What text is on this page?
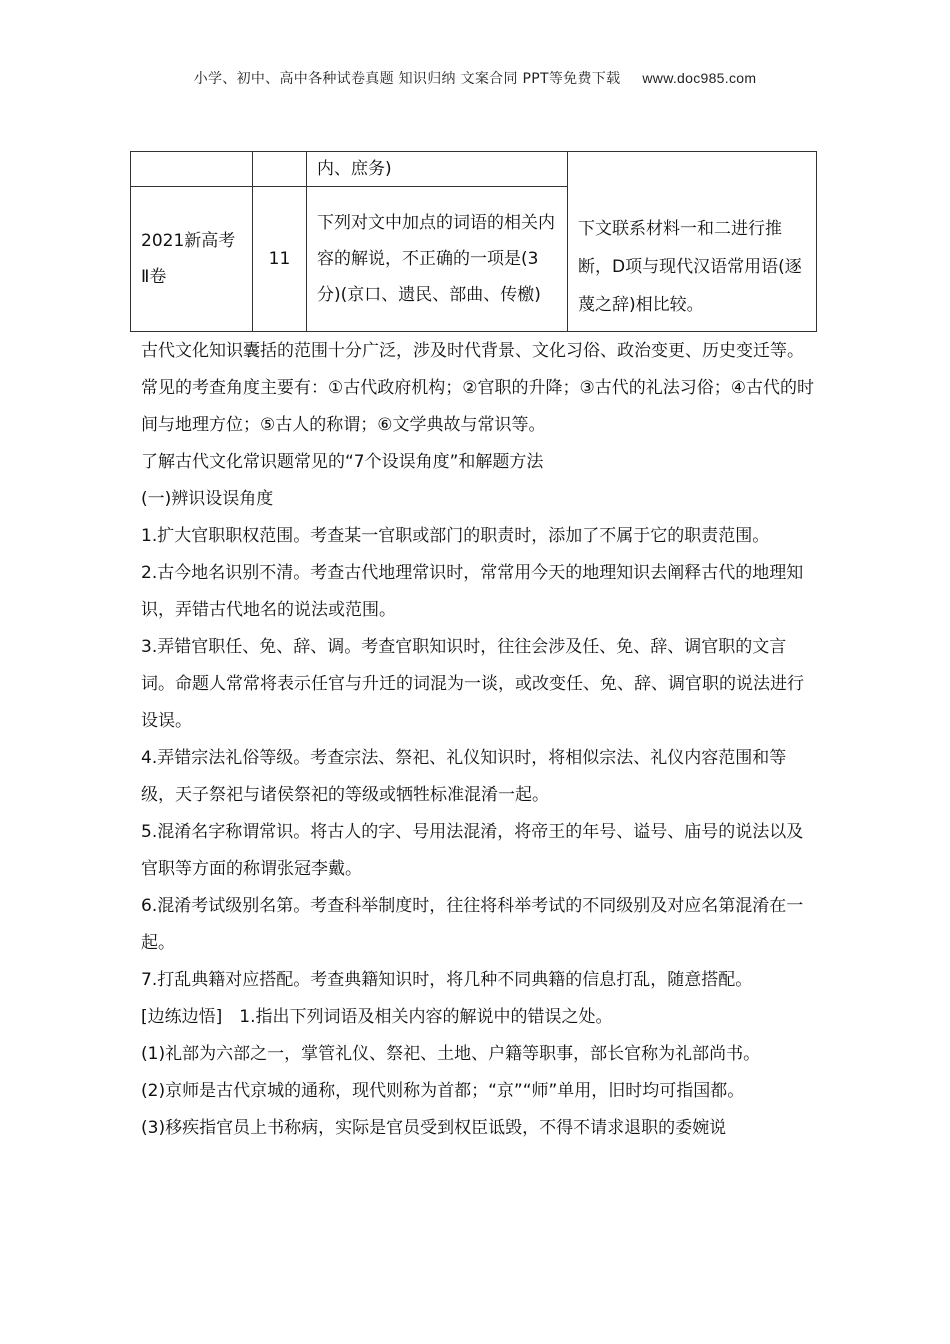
小学、初中、高中各种试卷真题 知识归纳 文案合同 PPT等免费下载 www.doc985.com
		内、庶务)	下文联系材料一和二进行推断，D项与现代汉语常用语(逐蔑之辞)相比较。
2021新高考Ⅱ卷	11	下列对文中加点的词语的相关内容的解说，不正确的一项是(3分)(京口、遗民、部曲、传檄)	

古代文化知识囊括的范围十分广泛，涉及时代背景、文化习俗、政治变更、历史变迁等。常见的考查角度主要有：①古代政府机构；②官职的升降；③古代的礼法习俗；④古代的时间与地理方位；⑤古人的称谓；⑥文学典故与常识等。

了解古代文化常识题常见的“7个设误角度”和解题方法

(一)辨识设误角度

1.扩大官职职权范围。考查某一官职或部门的职责时，添加了不属于它的职责范围。

2.古今地名识别不清。考查古代地理常识时，常常用今天的地理知识去阐释古代的地理知识，弄错古代地名的说法或范围。

3.弄错官职任、免、辞、调。考查官职知识时，往往会涉及任、免、辞、调官职的文言词。命题人常常将表示任官与升迁的词混为一谈，或改变任、免、辞、调官职的说法进行设误。

4.弄错宗法礼俗等级。考查宗法、祭祀、礼仪知识时，将相似宗法、礼仪内容范围和等级，天子祭祀与诸侯祭祀的等级或牺牲标准混淆一起。

5.混淆名字称谓常识。将古人的字、号用法混淆，将帝王的年号、谥号、庙号的说法以及官职等方面的称谓张冠李戴。

6.混淆考试级别名第。考查科举制度时，往往将科举考试的不同级别及对应名第混淆在一起。

7.打乱典籍对应搭配。考查典籍知识时，将几种不同典籍的信息打乱，随意搭配。

[边练边悟]　1.指出下列词语及相关内容的解说中的错误之处。

(1)礼部为六部之一，掌管礼仪、祭祀、土地、户籍等职事，部长官称为礼部尚书。

(2)京师是古代京城的通称，现代则称为首都；“京”“师”单用，旧时均可指国都。

(3)移疾指官员上书称病，实际是官员受到权臣诋毁，不得不请求退职的委婉说
